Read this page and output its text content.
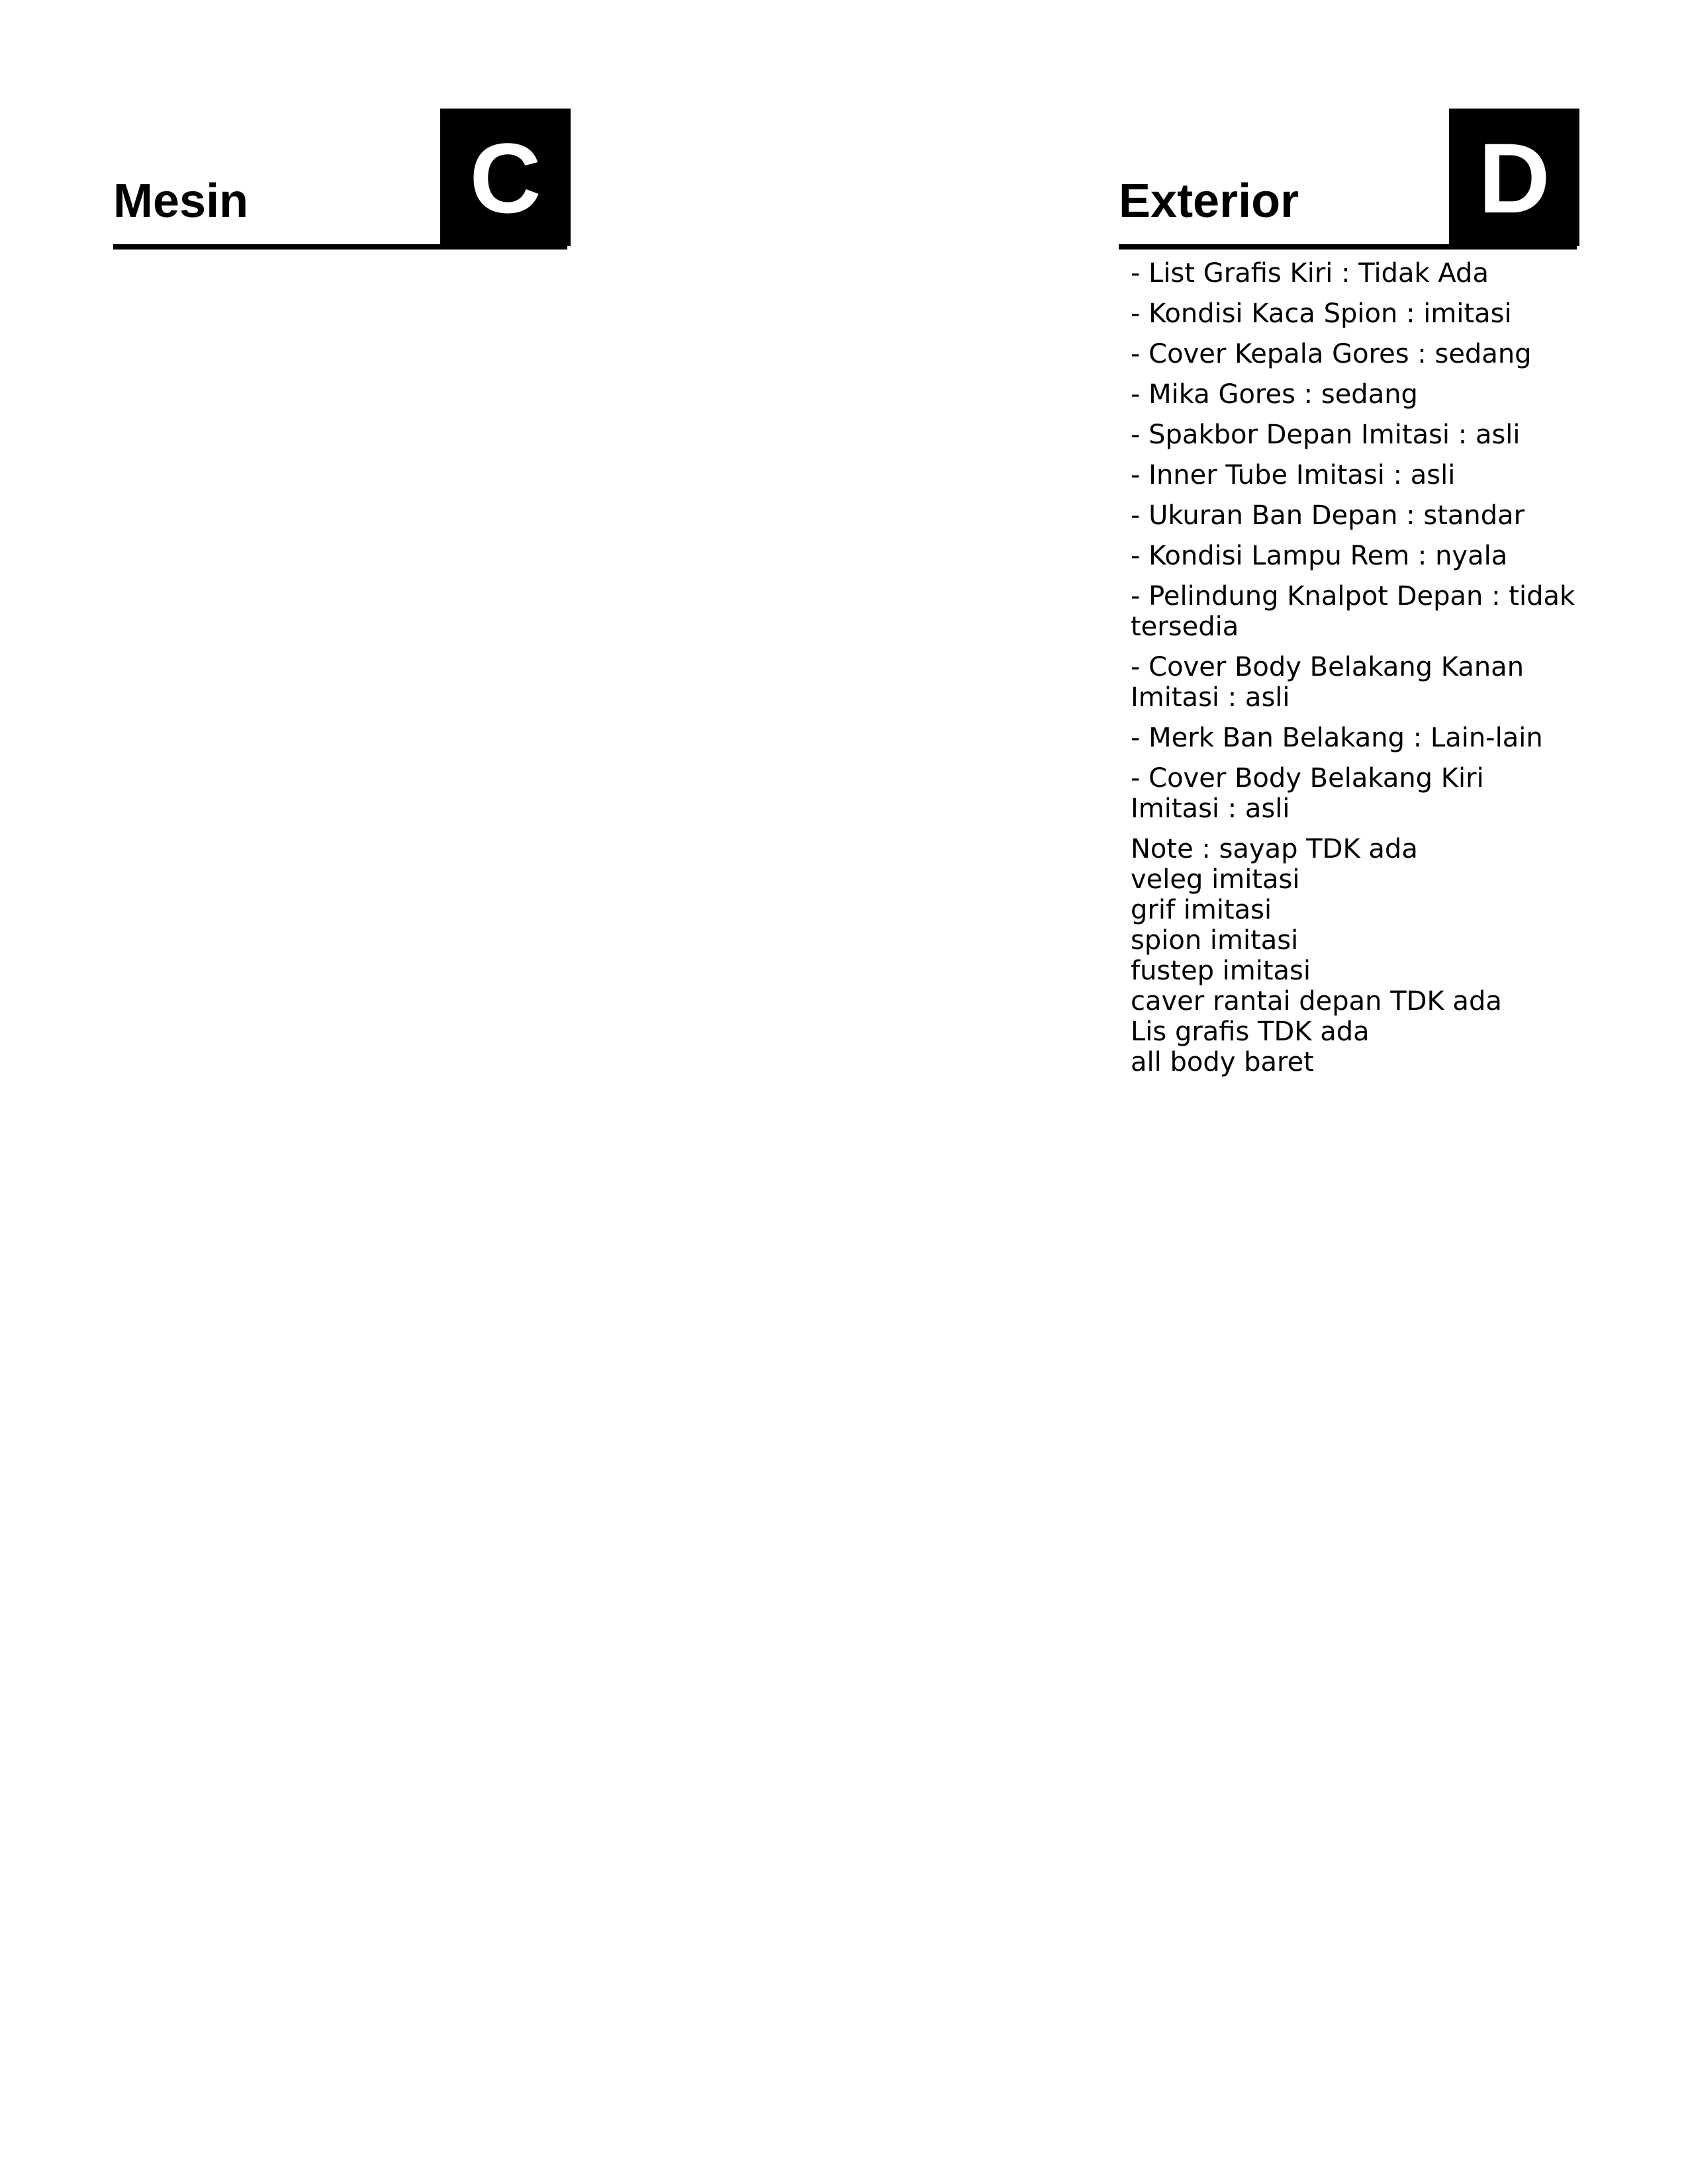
Mesin C	Exterior D
- List Grafis Kiri : Tidak Ada
- Kondisi Kaca Spion : imitasi
- Cover Kepala Gores : sedang
- Mika Gores : sedang
- Spakbor Depan Imitasi : asli
- Inner Tube Imitasi : asli
- Ukuran Ban Depan : standar
- Kondisi Lampu Rem : nyala
- Pelindung Knalpot Depan : tidak tersedia
- Cover Body Belakang Kanan Imitasi : asli
- Merk Ban Belakang : Lain-lain
- Cover Body Belakang Kiri Imitasi : asli
Note : sayap TDK ada
veleg imitasi
grif imitasi
spion imitasi
fustep imitasi
caver rantai depan TDK ada
Lis grafis TDK ada
all body baret
